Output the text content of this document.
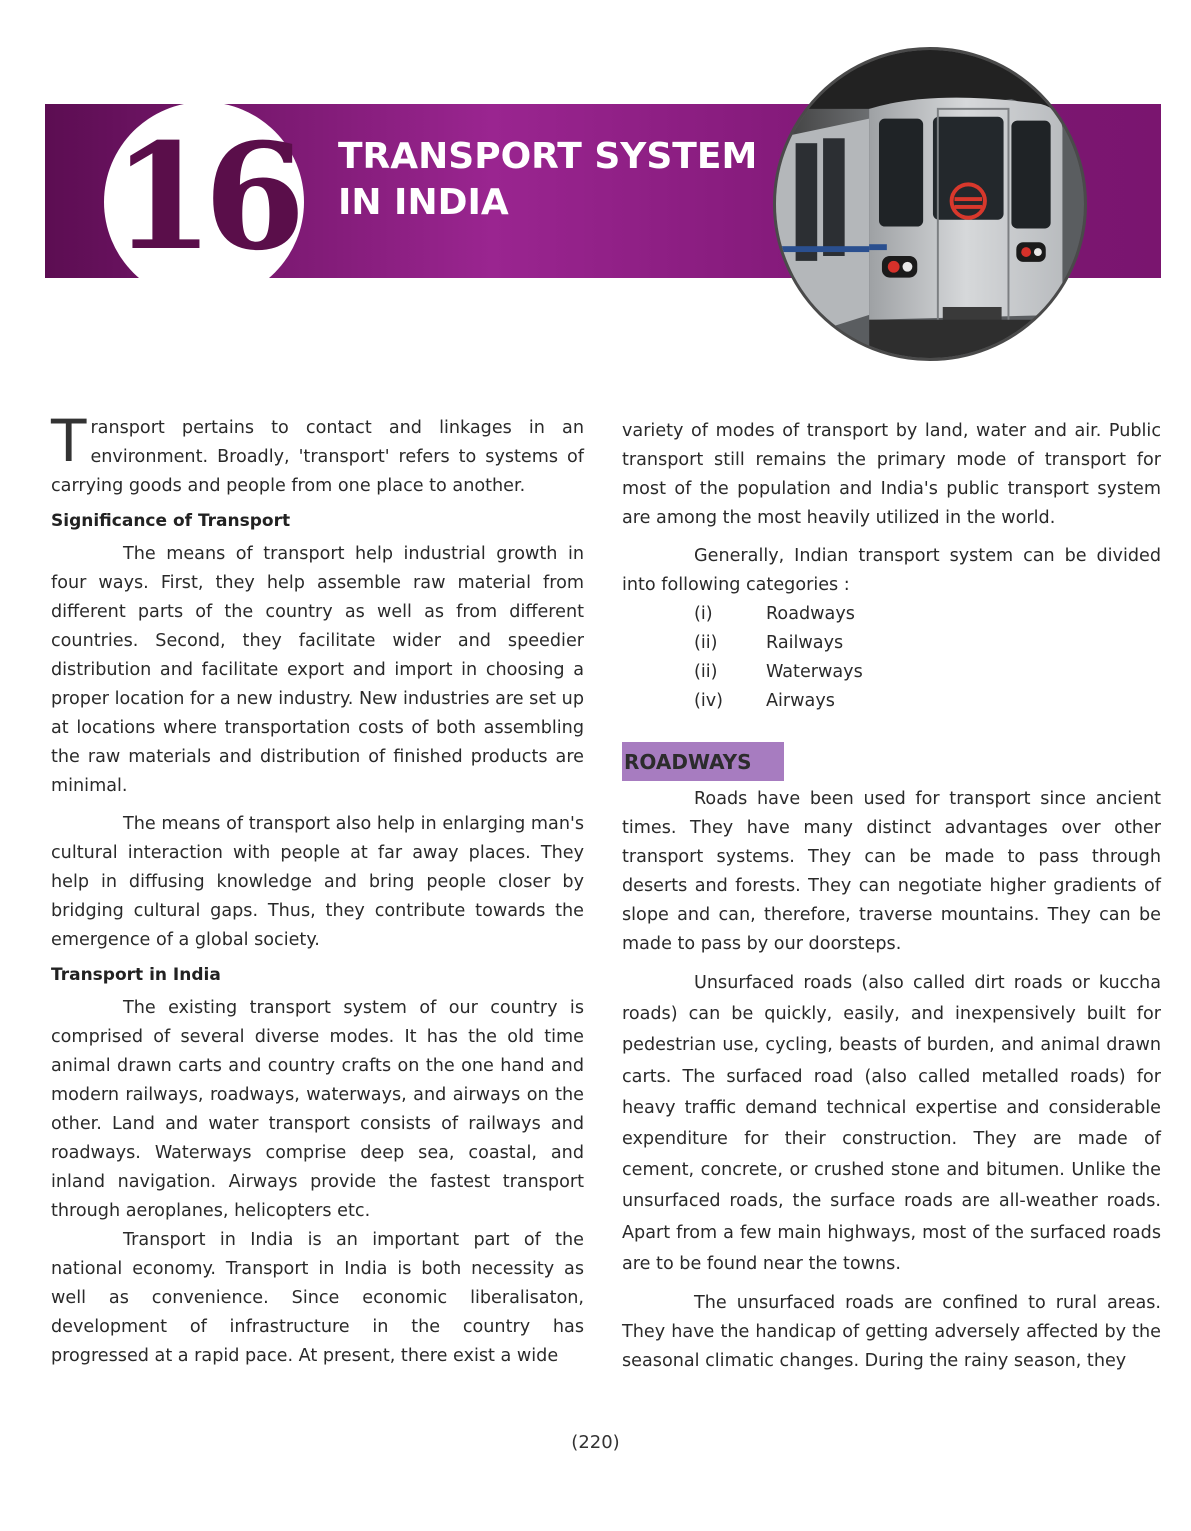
16 TRANSPORT SYSTEM IN INDIA

Transport pertains to contact and linkages in an environment. Broadly, 'transport' refers to systems of carrying goods and people from one place to another.

Significance of Transport

The means of transport help industrial growth in four ways. First, they help assemble raw material from different parts of the country as well as from different countries. Second, they facilitate wider and speedier distribution and facilitate export and import in choosing a proper location for a new industry. New industries are set up at locations where transportation costs of both assembling the raw materials and distribution of finished products are minimal.

The means of transport also help in enlarging man's cultural interaction with people at far away places. They help in diffusing knowledge and bring people closer by bridging cultural gaps. Thus, they contribute towards the emergence of a global society.

Transport in India

The existing transport system of our country is comprised of several diverse modes. It has the old time animal drawn carts and country crafts on the one hand and modern railways, roadways, waterways, and airways on the other. Land and water transport consists of railways and roadways. Waterways comprise deep sea, coastal, and inland navigation. Airways provide the fastest transport through aeroplanes, helicopters etc.

Transport in India is an important part of the national economy. Transport in India is both necessity as well as convenience. Since economic liberalisaton, development of infrastructure in the country has progressed at a rapid pace. At present, there exist a wide

variety of modes of transport by land, water and air. Public transport still remains the primary mode of transport for most of the population and India's public transport system are among the most heavily utilized in the world.

Generally, Indian transport system can be divided into following categories :

(i)	Roadways
(ii)	Railways
(ii)	Waterways
(iv)	Airways
ROADWAYS

Roads have been used for transport since ancient times. They have many distinct advantages over other transport systems. They can be made to pass through deserts and forests. They can negotiate higher gradients of slope and can, therefore, traverse mountains. They can be made to pass by our doorsteps.

Unsurfaced roads (also called dirt roads or kuccha roads) can be quickly, easily, and inexpensively built for pedestrian use, cycling, beasts of burden, and animal drawn carts. The surfaced road (also called metalled roads) for heavy traffic demand technical expertise and considerable expenditure for their construction. They are made of cement, concrete, or crushed stone and bitumen. Unlike the unsurfaced roads, the surface roads are all-weather roads. Apart from a few main highways, most of the surfaced roads are to be found near the towns.

The unsurfaced roads are confined to rural areas. They have the handicap of getting adversely affected by the seasonal climatic changes. During the rainy season, they

(220)
